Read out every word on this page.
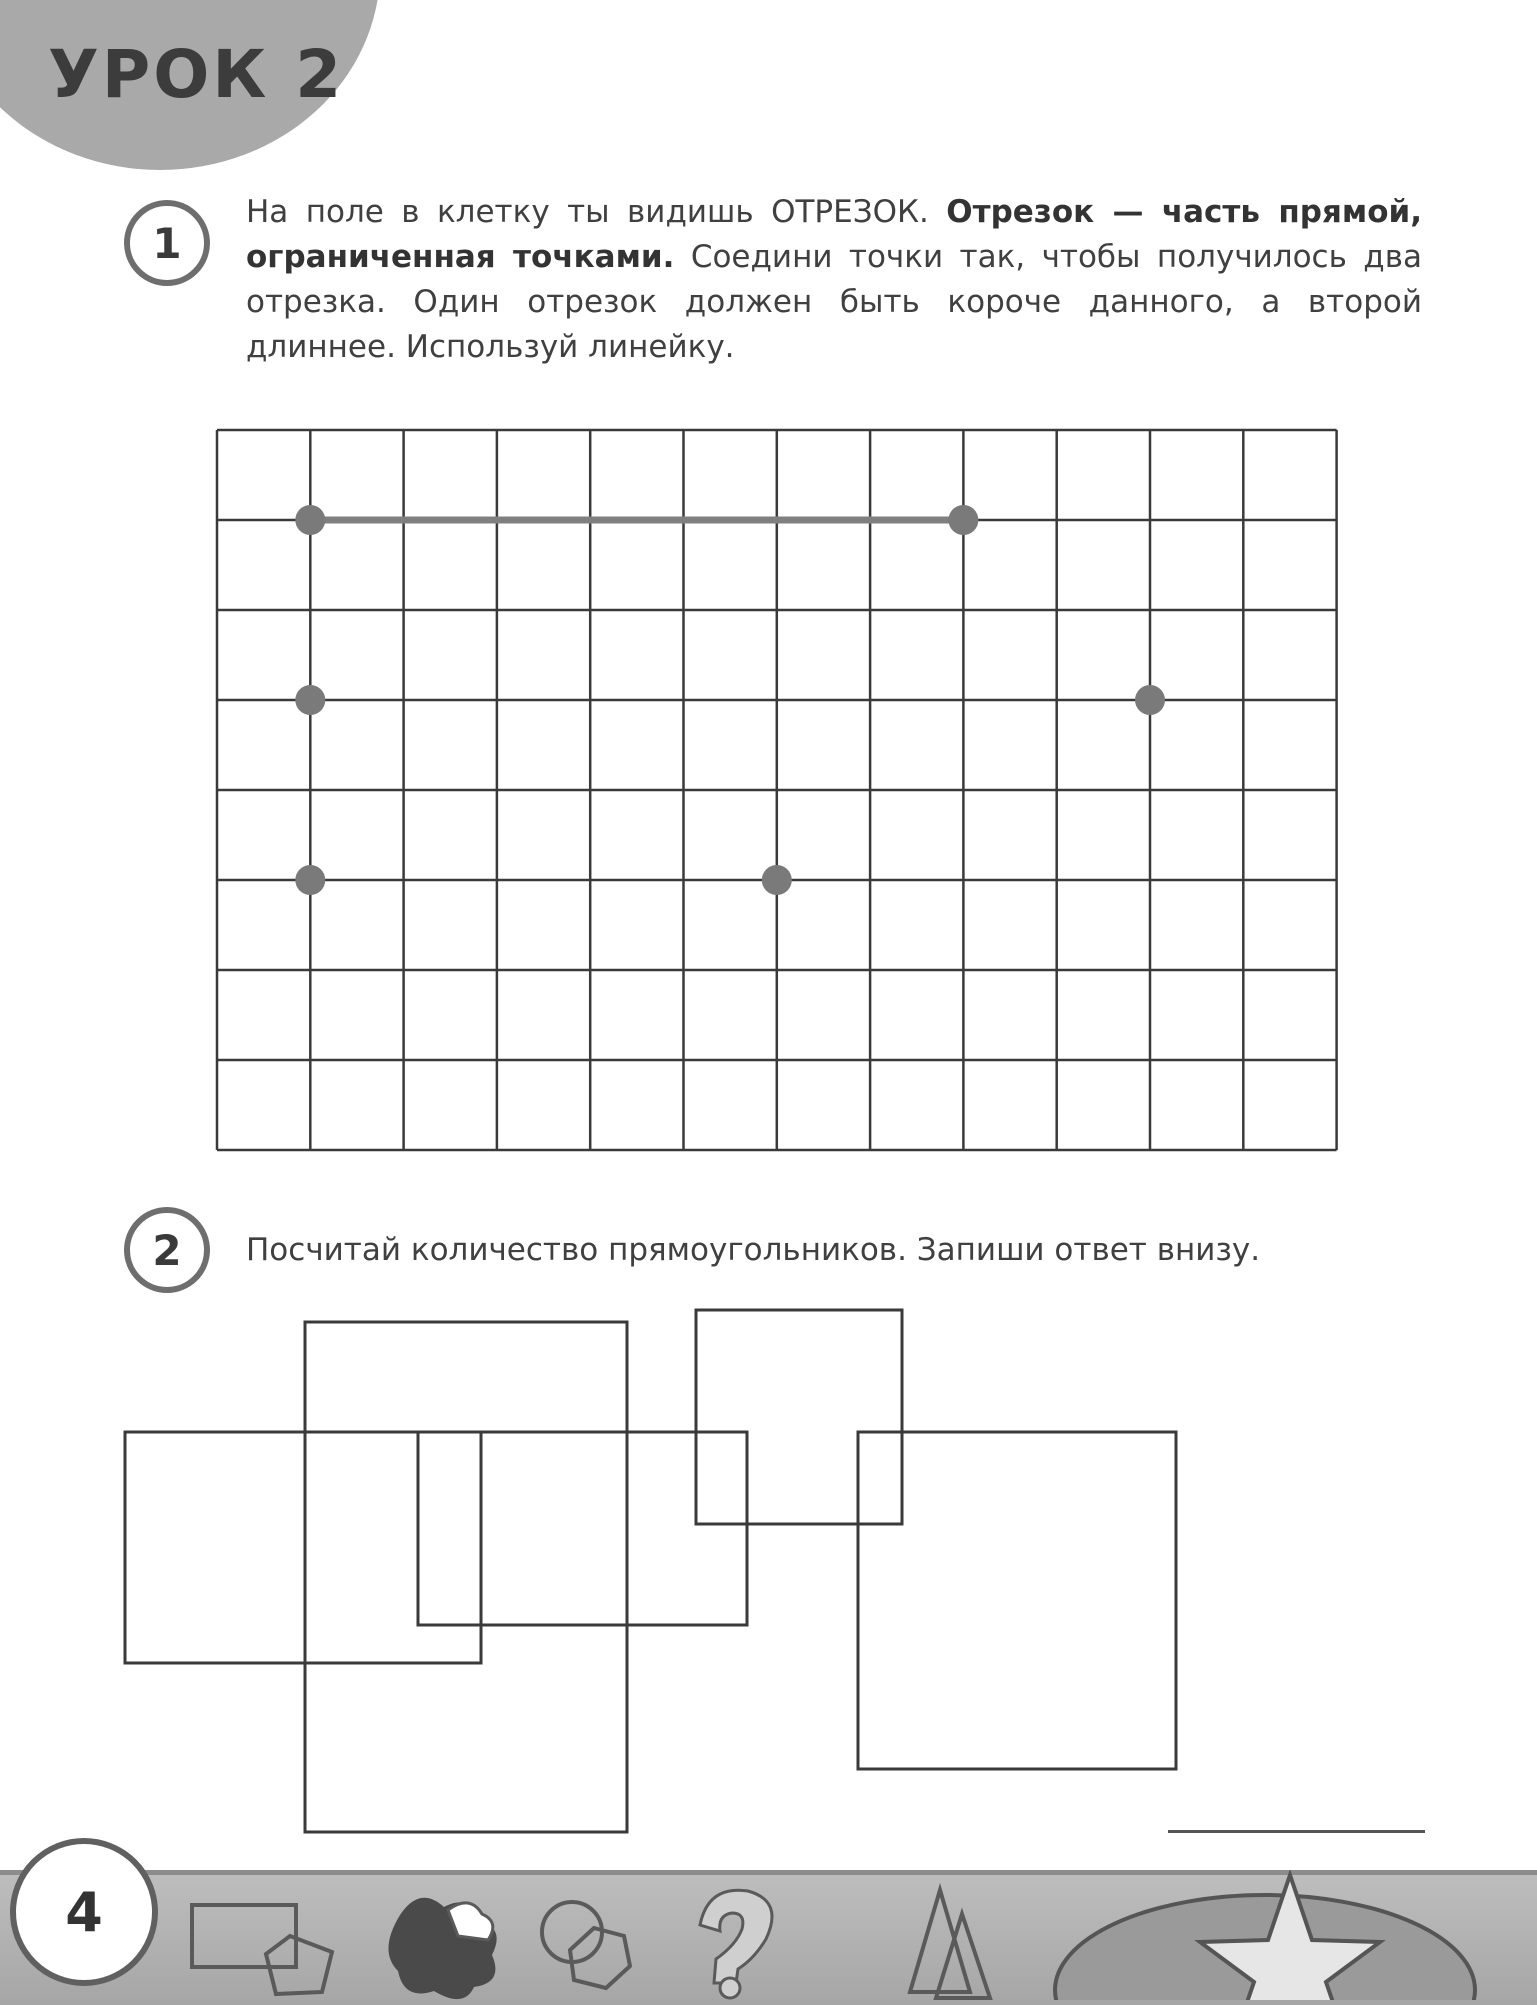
УРОК 2
1
На поле в клетку ты видишь ОТРЕЗОК. Отрезок — часть прямой, ограниченная точками. Соедини точки так, чтобы получилось два отрезка. Один отрезок должен быть короче данного, а второй длиннее. Используй линейку.
2 Посчитай количество прямоугольников. Запиши ответ внизу.
4
